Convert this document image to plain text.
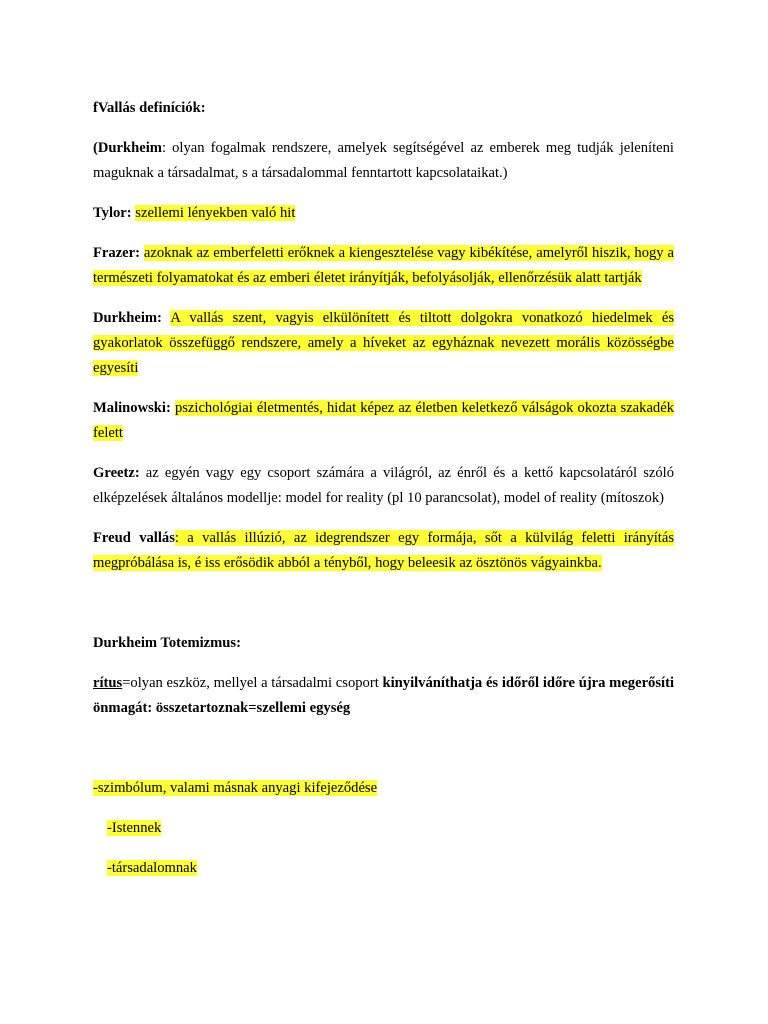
fVallás definíciók:

(Durkheim: olyan fogalmak rendszere, amelyek segítségével az emberek meg tudják jeleníteni maguknak a társadalmat, s a társadalommal fenntartott kapcsolataikat.)

Tylor: szellemi lényekben való hit

Frazer: azoknak az emberfeletti erőknek a kiengesztelése vagy kibékítése, amelyről hiszik, hogy a természeti folyamatokat és az emberi életet irányítják, befolyásolják, ellenőrzésük alatt tartják

Durkheim: A vallás szent, vagyis elkülönített és tiltott dolgokra vonatkozó hiedelmek és gyakorlatok összefüggő rendszere, amely a híveket az egyháznak nevezett morális közösségbe egyesíti

Malinowski: pszichológiai életmentés, hidat képez az életben keletkező válságok okozta szakadék felett

Greetz: az egyén vagy egy csoport számára a világról, az énről és a kettő kapcsolatáról szóló elképzelések általános modellje: model for reality (pl 10 parancsolat), model of reality (mítoszok)

Freud vallás: a vallás illúzió, az idegrendszer egy formája, sőt a külvilág feletti irányítás megpróbálása is, é iss erősödik abból a tényből, hogy beleesik az ösztönös vágyainkba.

Durkheim Totemizmus:

rítus=olyan eszköz, mellyel a társadalmi csoport kinyilváníthatja és időről időre újra megerősíti önmagát: összetartoznak=szellemi egység

-szimbólum, valami másnak anyagi kifejeződése

-Istennek

-társadalomnak
